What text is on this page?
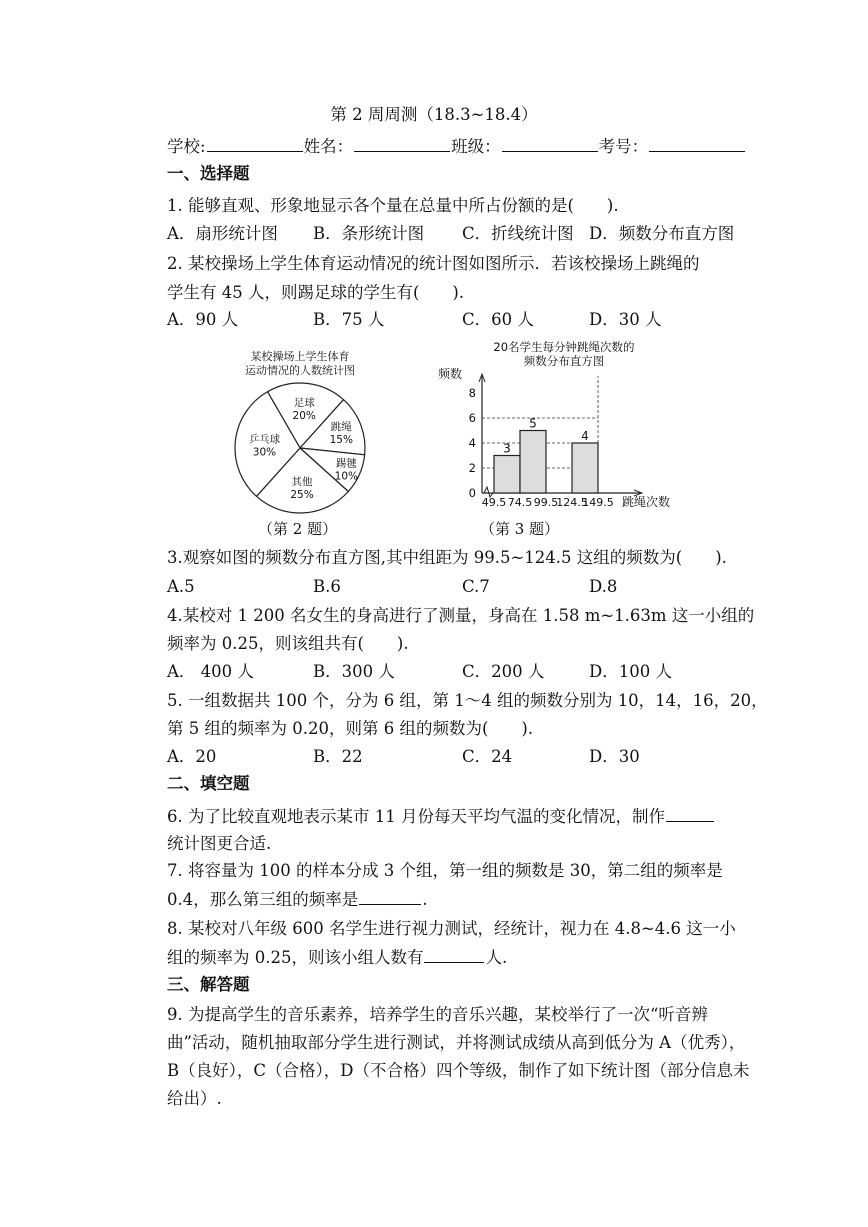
第 2 周周测（18.3~18.4）
学校:	姓名：	班级：	考号：
一、选择题
1. 能够直观、形象地显示各个量在总量中所占份额的是(　　).
A．扇形统计图 B．条形统计图 C．折线统计图 D．频数分布直方图
2. 某校操场上学生体育运动情况的统计图如图所示．若该校操场上跳绳的
学生有 45 人，则踢足球的学生有(　　).
A．90 人	B．75 人	C．60 人	D．30 人
某校操场上学生体育
运动情况的人数统计图
足球
20%
跳绳
15%
踢毽
10%
其他
25%
乒乓球
30%
（第 2 题）
20名学生每分钟跳绳次数的
频数分布直方图
频数
跳绳次数
0
2
4
6
8
3
5
4
49.5 74.5 99.5
124.5
149.5
（第 3 题）
3.观察如图的频数分布直方图,其中组距为 99.5~124.5 这组的频数为(　　).
A.5	B.6	C.7	D.8
4.某校对 1 200 名女生的身高进行了测量，身高在 1.58 m~1.63m 这一小组的
频率为 0.25，则该组共有(　　).
A． 400 人	B．300 人	C．200 人	D．100 人
5. 一组数据共 100 个，分为 6 组，第 1～4 组的频数分别为 10，14，16，20，
第 5 组的频率为 0.20，则第 6 组的频数为(　　).
A．20	B．22	C．24	D．30
二、填空题
6. 为了比较直观地表示某市 11 月份每天平均气温的变化情况，制作
统计图更合适.
7. 将容量为 100 的样本分成 3 个组，第一组的频数是 30，第二组的频率是
0.4，那么第三组的频率是	.
8. 某校对八年级 600 名学生进行视力测试，经统计，视力在 4.8~4.6 这一小
组的频率为 0.25，则该小组人数有	人.
三、解答题
9. 为提高学生的音乐素养，培养学生的音乐兴趣，某校举行了一次“听音辨
曲”活动，随机抽取部分学生进行测试，并将测试成绩从高到低分为 A（优秀），
B（良好），C（合格），D（不合格）四个等级，制作了如下统计图（部分信息未
给出）.
